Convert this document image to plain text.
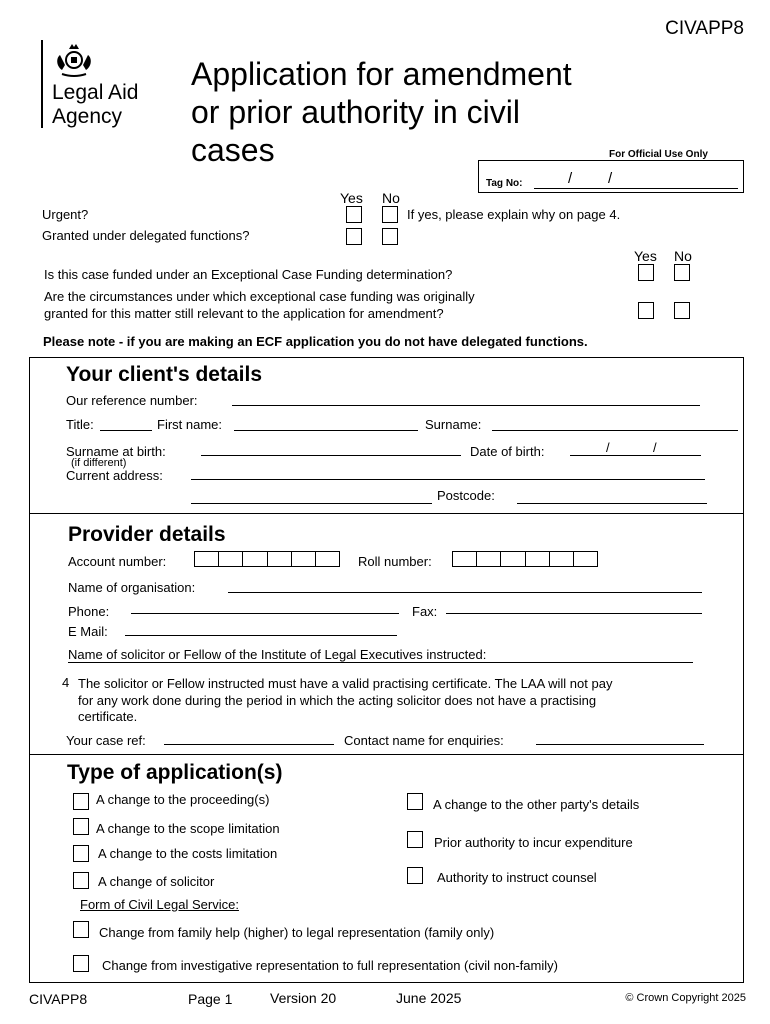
CIVAPP8
Legal Aid
Agency
Application for amendment
or prior authority in civil
cases	For Official Use Only
Tag No:	/ /
Yes No
Urgent?	If yes, please explain why on page 4.
Granted under delegated functions?
Yes No
Is this case funded under an Exceptional Case Funding determination?
Are the circumstances under which exceptional case funding was originally
granted for this matter still relevant to the application for amendment?
Please note - if you are making an ECF application you do not have delegated functions.
Your client's details
Our reference number:
Title:	First name:	Surname:
Surname at birth:
(if different)
Date of birth:	/	/
Current address:
Postcode:
Provider details
Account number:	Roll number:
Name of organisation:
Phone:	Fax:
E Mail:
Name of solicitor or Fellow of the Institute of Legal Executives instructed:
4 The solicitor or Fellow instructed must have a valid practising certificate. The LAA will not pay
for any work done during the period in which the acting solicitor does not have a practising
certificate.
Your case ref:	Contact name for enquiries:
Type of application(s)
A change to the proceeding(s)
A change to the scope limitation
A change to the costs limitation
A change of solicitor
A change to the other party's details
Prior authority to incur expenditure
Authority to instruct counsel
Form of Civil Legal Service:
Change from family help (higher) to legal representation (family only)
Change from investigative representation to full representation (civil non-family)
CIVAPP8	Page 1	Version 20	June 2025	© Crown Copyright 2025
